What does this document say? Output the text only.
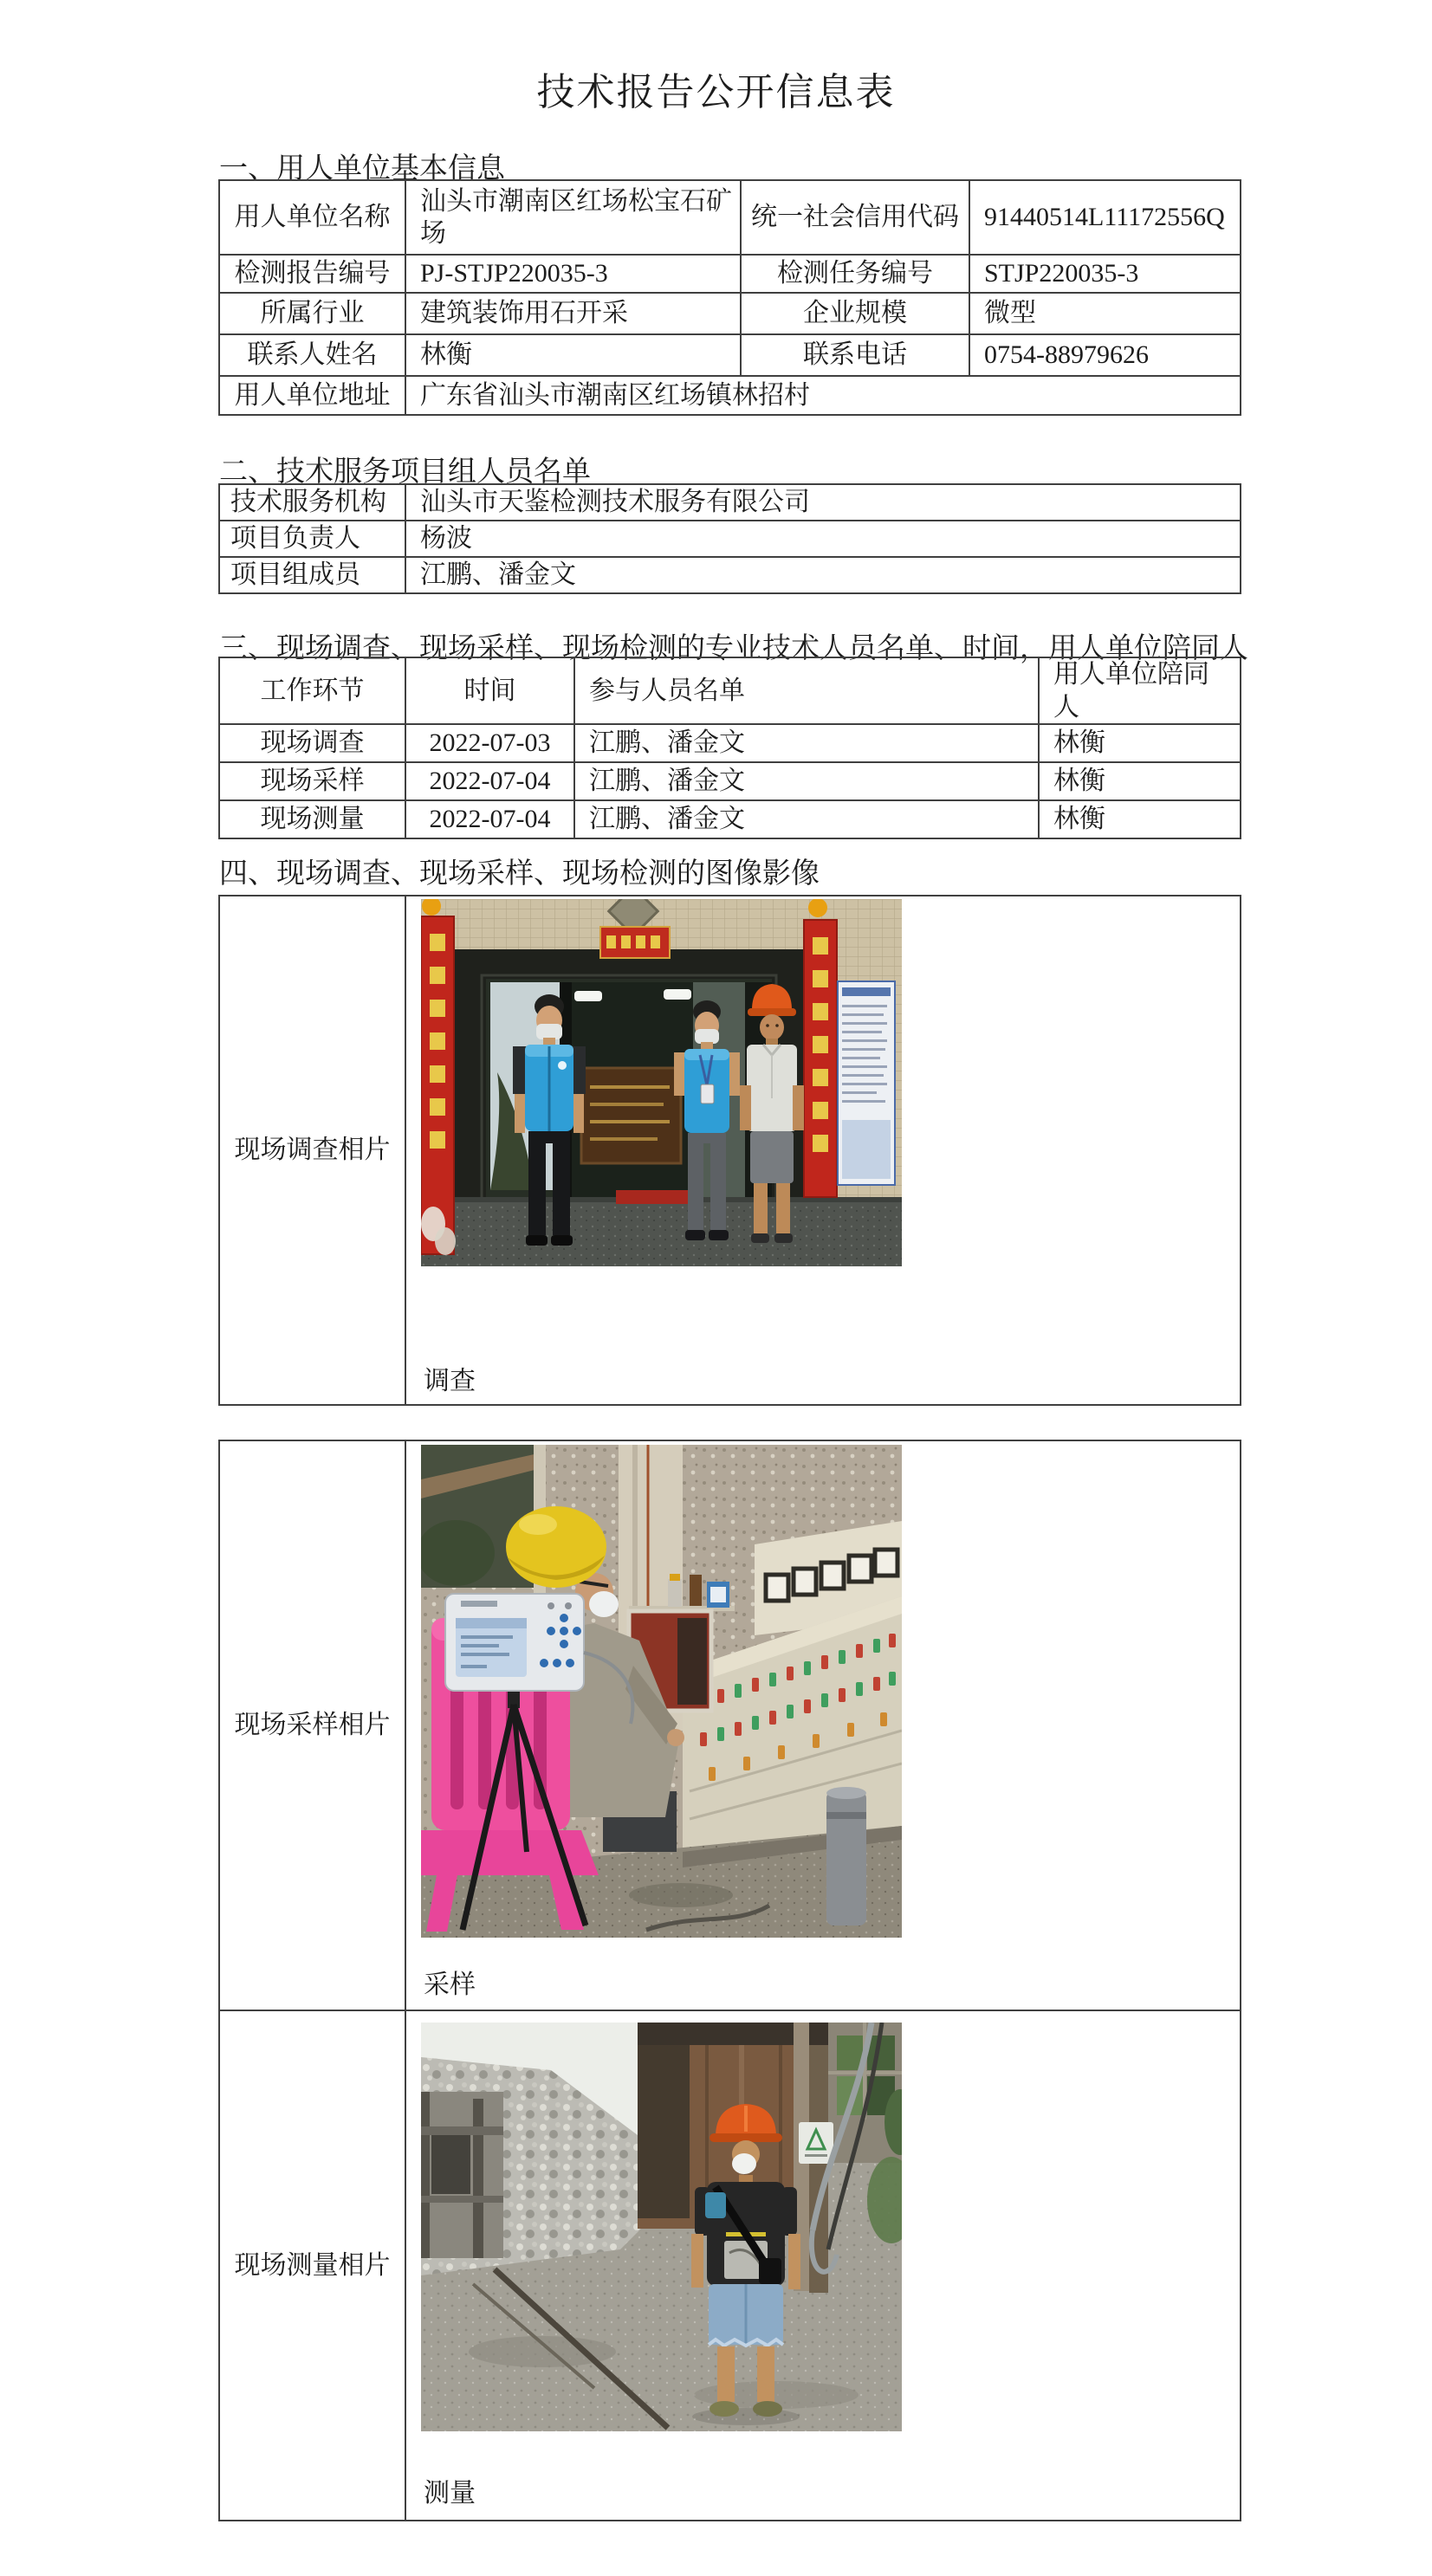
技术报告公开信息表
一、用人单位基本信息
用人单位名称	汕头市潮南区红场松宝石矿场	统一社会信用代码	91440514L11172556Q
检测报告编号	PJ-STJP220035-3	检测任务编号	STJP220035-3
所属行业	建筑装饰用石开采	企业规模	微型
联系人姓名	林衡	联系电话	0754-88979626
用人单位地址	广东省汕头市潮南区红场镇林招村		
二、技术服务项目组人员名单
技术服务机构	汕头市天鉴检测技术服务有限公司
项目负责人	杨波
项目组成员	江鹏、潘金文
三、现场调查、现场采样、现场检测的专业技术人员名单、时间，用人单位陪同人
工作环节	时间	参与人员名单	用人单位陪同人
现场调查	2022-07-03	江鹏、潘金文	林衡
现场采样	2022-07-04	江鹏、潘金文	林衡
现场测量	2022-07-04	江鹏、潘金文	林衡
四、现场调查、现场采样、现场检测的图像影像
现场调查相片	
调查
现场采样相片	采样

现场测量相片	测量
